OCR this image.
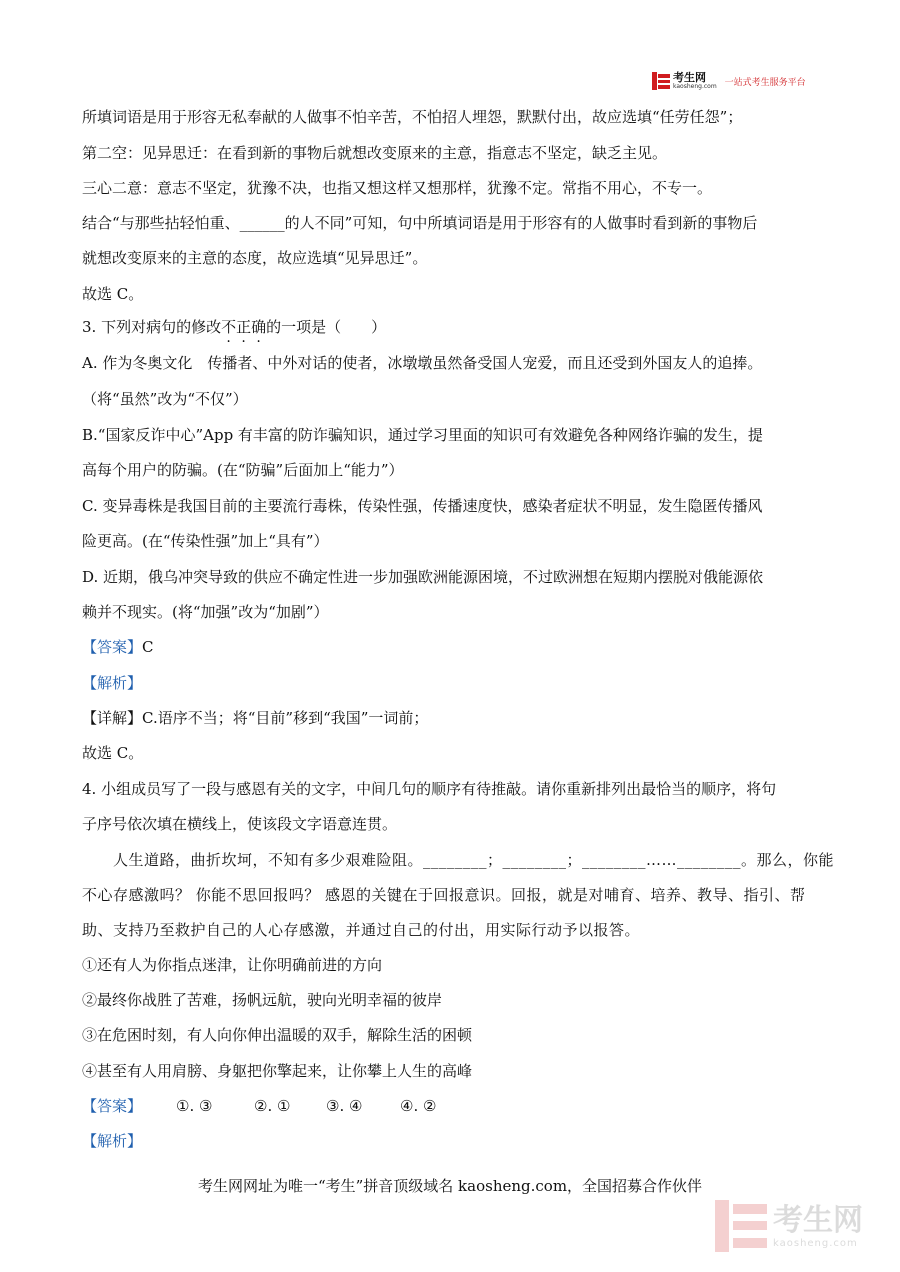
考生网
kaosheng.com 一站式考生服务平台
所填词语是用于形容无私奉献的人做事不怕辛苦，不怕招人埋怨，默默付出，故应选填“任劳任怨”；
第二空：见异思迁：在看到新的事物后就想改变原来的主意，指意志不坚定，缺乏主见。
三心二意：意志不坚定，犹豫不决，也指又想这样又想那样，犹豫不定。常指不用心，不专一。
结合“与那些拈轻怕重、______的人不同”可知，句中所填词语是用于形容有的人做事时看到新的事物后
就想改变原来的主意的态度，故应选填“见异思迁”。
故选 C。
3. 下列对病句的修改不正确的一项是（　　）
A. 作为冬奥文化　传播者、中外对话的使者，冰墩墩虽然备受国人宠爱，而且还受到外国友人的追捧。
（将“虽然”改为“不仅”）
B.“国家反诈中心”App 有丰富的防诈骗知识，通过学习里面的知识可有效避免各种网络诈骗的发生，提
高每个用户的防骗。(在“防骗”后面加上“能力”）
C. 变异毒株是我国目前的主要流行毒株，传染性强，传播速度快，感染者症状不明显，发生隐匿传播风
险更高。(在“传染性强”加上“具有”）
D. 近期，俄乌冲突导致的供应不确定性进一步加强欧洲能源困境，不过欧洲想在短期内摆脱对俄能源依
赖并不现实。(将“加强”改为“加剧”）
【答案】C
【解析】
【详解】C.语序不当；将“目前”移到“我国”一词前；
故选 C。
4. 小组成员写了一段与感恩有关的文字，中间几句的顺序有待推敲。请你重新排列出最恰当的顺序，将句
子序号依次填在横线上，使该段文字语意连贯。
　　人生道路，曲折坎坷，不知有多少艰难险阻。________；________；________……________。那么，你能
不心存感激吗？ 你能不思回报吗？ 感恩的关键在于回报意识。回报，就是对哺育、培养、教导、指引、帮
助、支持乃至救护自己的人心存感激，并通过自己的付出，用实际行动予以报答。
①还有人为你指点迷津，让你明确前进的方向
②最终你战胜了苦难，扬帆远航，驶向光明幸福的彼岸
③在危困时刻，有人向你伸出温暖的双手，解除生活的困顿
④甚至有人用肩膀、身躯把你擎起来，让你攀上人生的高峰
【答案】 ①. ③	②. ① ③. ④	④. ②
【解析】
考生网网址为唯一“考生”拼音顶级域名 kaosheng.com，全国招募合作伙伴
考生网
kaosheng.com
